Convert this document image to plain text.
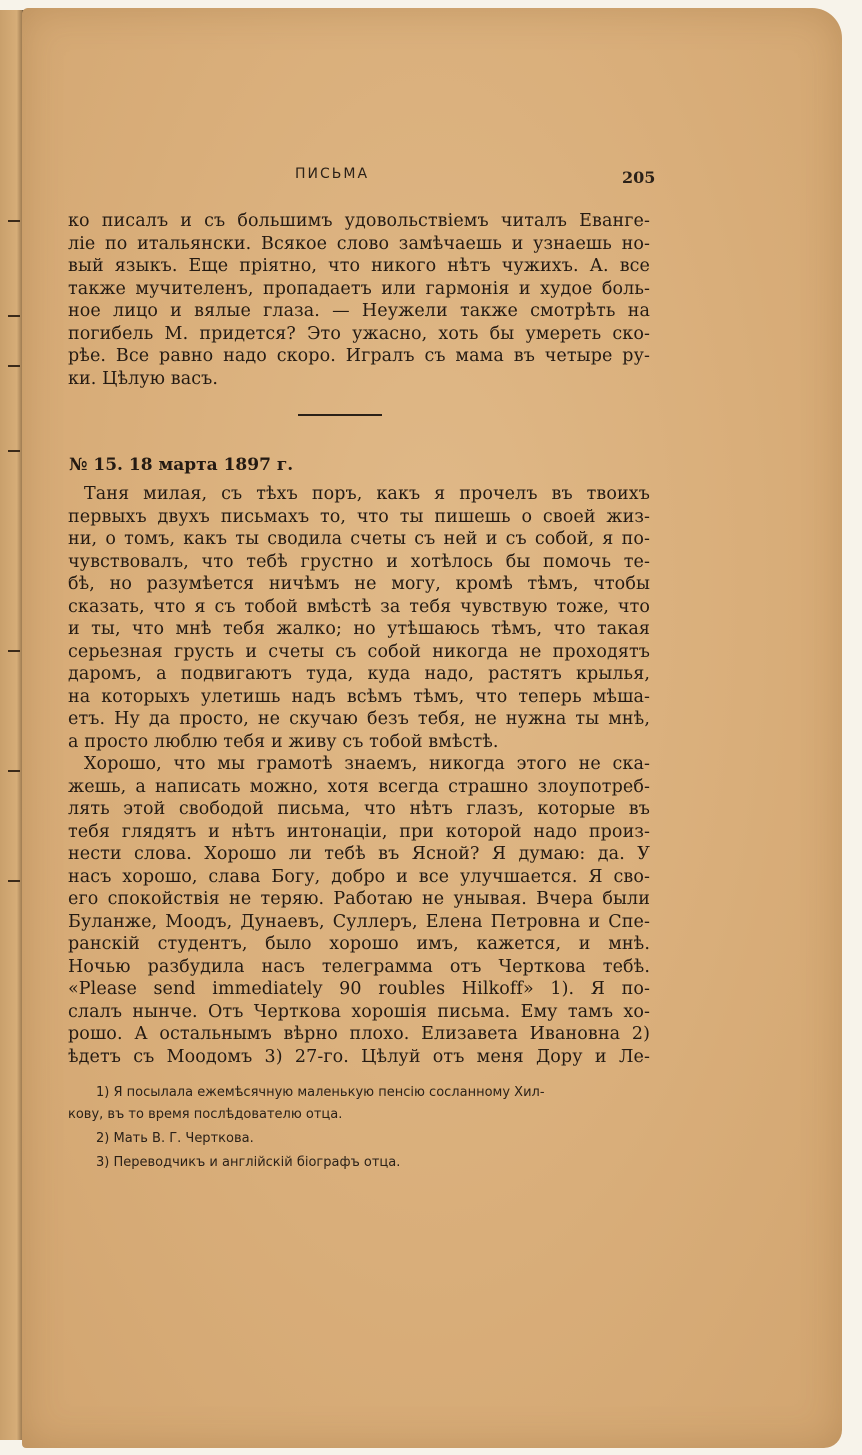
ПИСЬМА	205
ко писалъ и съ большимъ удовольствiемъ читалъ Евангe-
лiе по итальянски. Всякое слово замѣчаешь и узнаешь но-
вый языкъ. Еще прiятно, что никого нѣтъ чужихъ. А. все
также мучителенъ, пропадаетъ или гармонiя и худое боль-
ное лицо и вялые глаза. — Неужели также смотрѣть на
погибель М. придется? Это ужасно, хоть бы умереть ско-
рѣе. Все равно надо скоро. Игралъ съ мама въ четыре ру-
ки. Цѣлую васъ.
№ 15. 18 марта 1897 г.
Таня милая, съ тѣхъ поръ, какъ я прочелъ въ твоихъ
первыхъ двухъ письмахъ то, что ты пишешь о своей жиз-
ни, о томъ, какъ ты сводила счеты съ ней и съ собой, я по-
чувствовалъ, что тебѣ грустно и хотѣлось бы помочь те-
бѣ, но разумѣется ничѣмъ не могу, кромѣ тѣмъ, чтобы
сказать, что я съ тобой вмѣстѣ за тебя чувствую тоже, что
и ты, что мнѣ тебя жалко; но утѣшаюсь тѣмъ, что такая
серьезная грусть и счеты съ собой никогда не проходятъ
даромъ, а подвигаютъ туда, куда надо, растятъ крылья,
на которыхъ улетишь надъ всѣмъ тѣмъ, что теперь мѣша-
етъ. Ну да просто, не скучаю безъ тебя, не нужна ты мнѣ,
а просто люблю тебя и живу съ тобой вмѣстѣ.
Хорошо, что мы грамотѣ знаемъ, никогда этого не ска-
жешь, а написать можно, хотя всегда страшно злоупотреб-
лять этой свободой письма, что нѣтъ глазъ, которые въ
тебя глядятъ и нѣтъ интонацiи, при которой надо произ-
нести слова. Хорошо ли тебѣ въ Ясной? Я думаю: да. У
насъ хорошо, слава Богу, добро и все улучшается. Я сво-
его спокойствiя не теряю. Работаю не унывая. Вчера были
Буланже, Моодъ, Дунаевъ, Суллеръ, Елена Петровна и Спе-
ранскiй студентъ, было хорошо имъ, кажется, и мнѣ.
Ночью разбудила насъ телеграмма отъ Черткова тебѣ.
«Please send immediately 90 roubles Hilkoff» 1). Я по-
слалъ нынче. Отъ Черткова хорошiя письма. Ему тамъ хо-
рошо. А остальнымъ вѣрно плохо. Елизавета Ивановна 2)
ѣдетъ съ Моодомъ 3) 27-го. Цѣлуй отъ меня Дору и Ле-
1) Я посылала ежемѣсячную маленькую пенсiю сосланному Хил-
кову, въ то время послѣдователю отца.
2) Мать В. Г. Черткова.
3) Переводчикъ и англiйскiй бiографъ отца.
